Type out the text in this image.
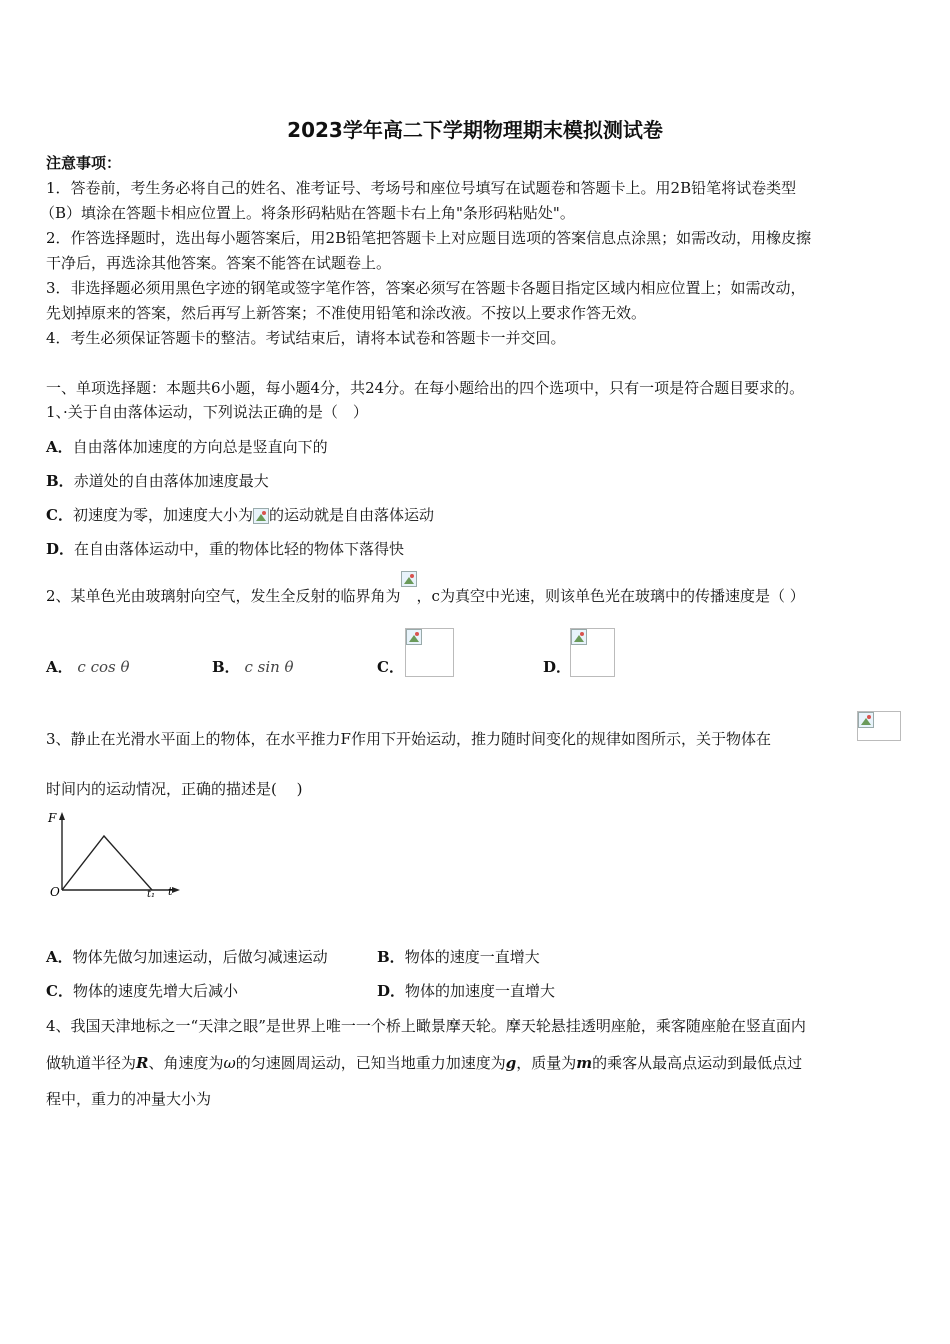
2023学年高二下学期物理期末模拟测试卷
注意事项：
1．答卷前，考生务必将自己的姓名、准考证号、考场号和座位号填写在试题卷和答题卡上。用2B铅笔将试卷类型
（B）填涂在答题卡相应位置上。将条形码粘贴在答题卡右上角"条形码粘贴处"。
2．作答选择题时，选出每小题答案后，用2B铅笔把答题卡上对应题目选项的答案信息点涂黑；如需改动，用橡皮擦
干净后，再选涂其他答案。答案不能答在试题卷上。
3．非选择题必须用黑色字迹的钢笔或签字笔作答，答案必须写在答题卡各题目指定区域内相应位置上；如需改动，
先划掉原来的答案，然后再写上新答案；不准使用铅笔和涂改液。不按以上要求作答无效。
4．考生必须保证答题卡的整洁。考试结束后，请将本试卷和答题卡一并交回。
一、单项选择题：本题共6小题，每小题4分，共24分。在每小题给出的四个选项中，只有一项是符合题目要求的。
1、·关于自由落体运动，下列说法正确的是（　）
A．自由落体加速度的方向总是竖直向下的
B．赤道处的自由落体加速度最大
C．初速度为零，加速度大小为 的运动就是自由落体运动
D．在自由落体运动中，重的物体比轻的物体下落得快
2、某单色光由玻璃射向空气，发生全反射的临界角为 ，c为真空中光速，则该单色光在玻璃中的传播速度是（ ）
A． c cos θ	B． c sin θ	C．	D．
3、静止在光滑水平面上的物体，在水平推力F作用下开始运动，推力随时间变化的规律如图所示，关于物体在
时间内的运动情况，正确的描述是(　 )
F
O	t₁ t
A．物体先做匀加速运动，后做匀减速运动	B．物体的速度一直增大
C．物体的速度先增大后减小	D．物体的加速度一直增大
4、我国天津地标之一“天津之眼”是世界上唯一一个桥上瞰景摩天轮。摩天轮悬挂透明座舱，乘客随座舱在竖直面内
做轨道半径为R、角速度为ω的匀速圆周运动，已知当地重力加速度为g，质量为m的乘客从最高点运动到最低点过
程中，重力的冲量大小为
